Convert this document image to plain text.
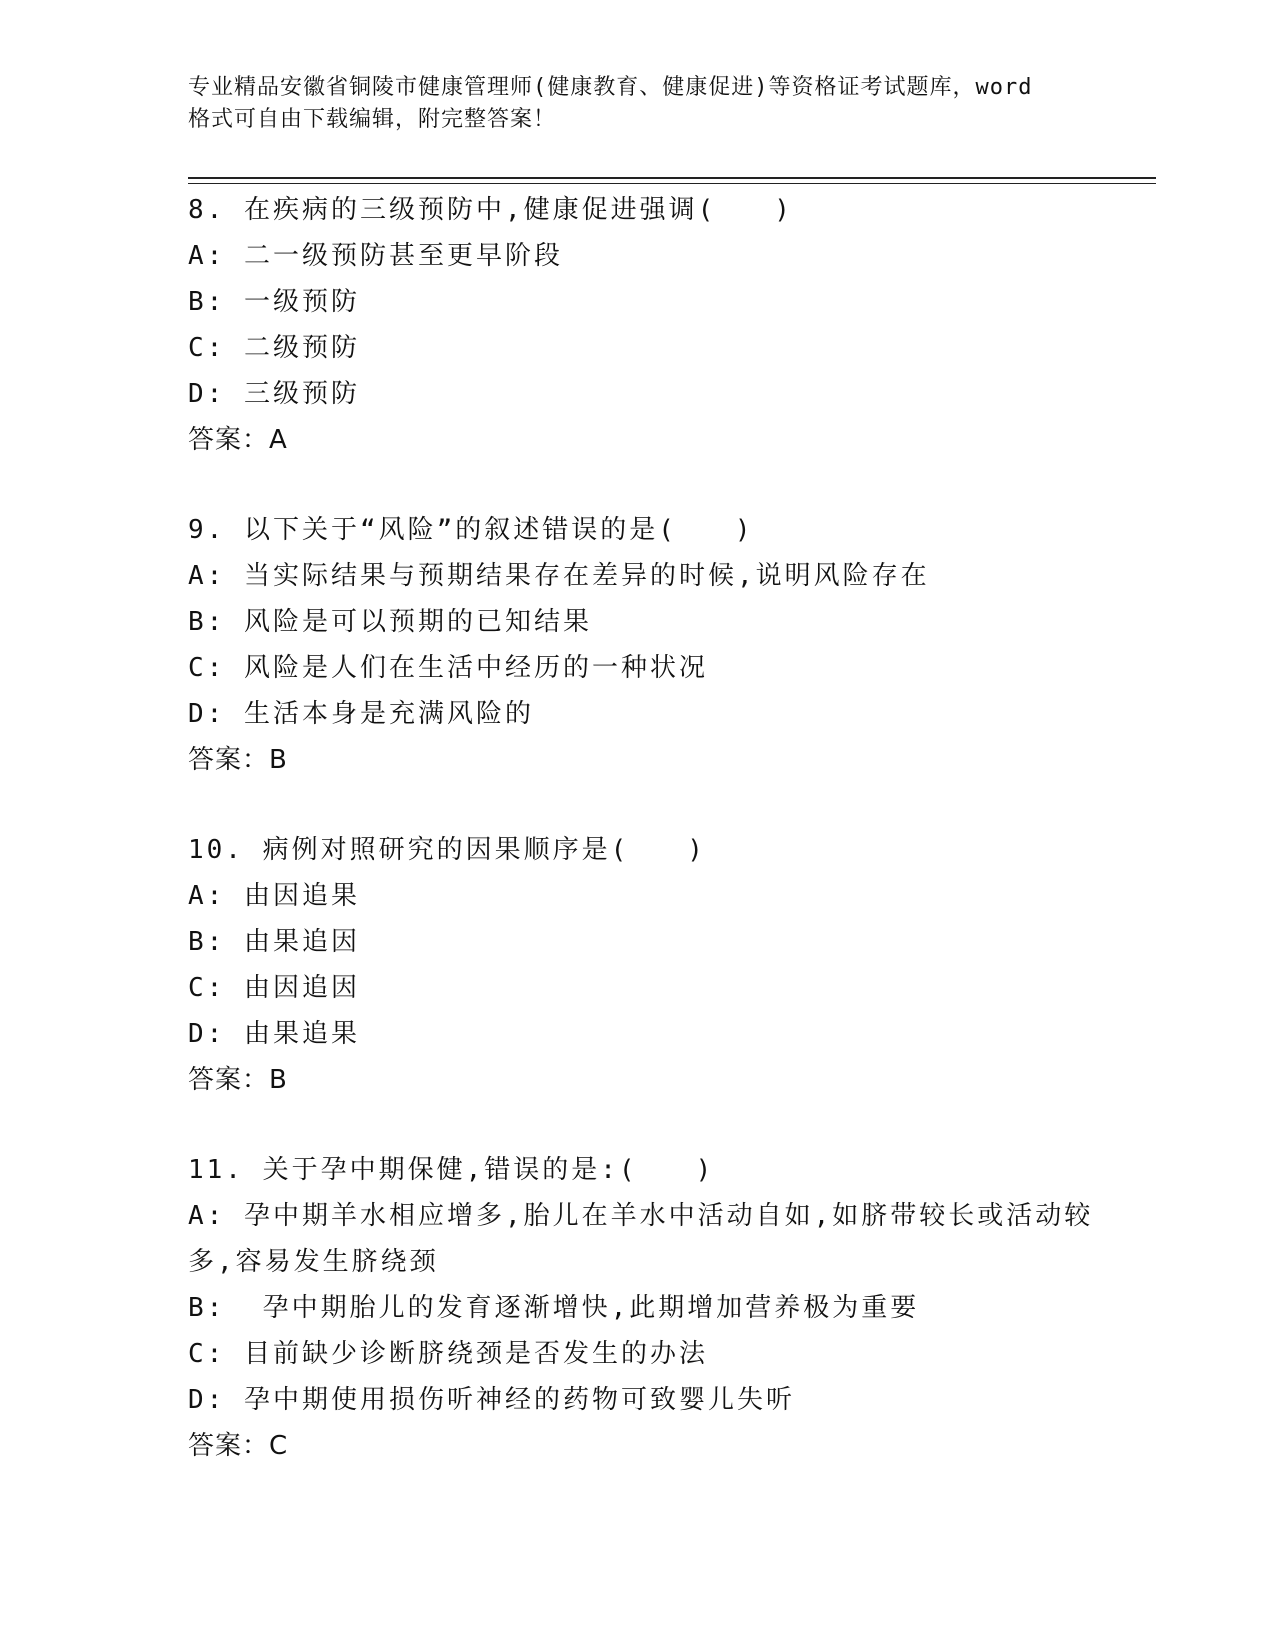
专业精品安徽省铜陵市健康管理师(健康教育、健康促进)等资格证考试题库，word
格式可自由下载编辑，附完整答案！
8. 在疾病的三级预防中,健康促进强调(　　)
A: 二一级预防甚至更早阶段
B: 一级预防
C: 二级预防
D: 三级预防
答案：A
9. 以下关于“风险”的叙述错误的是(　　)
A: 当实际结果与预期结果存在差异的时候,说明风险存在
B: 风险是可以预期的已知结果
C: 风险是人们在生活中经历的一种状况
D: 生活本身是充满风险的
答案：B
10. 病例对照研究的因果顺序是(　　)
A: 由因追果
B: 由果追因
C: 由因追因
D: 由果追果
答案：B
11. 关于孕中期保健,错误的是:(　　)
A: 孕中期羊水相应增多,胎儿在羊水中活动自如,如脐带较长或活动较
多,容易发生脐绕颈
B:  孕中期胎儿的发育逐渐增快,此期增加营养极为重要
C: 目前缺少诊断脐绕颈是否发生的办法
D: 孕中期使用损伤听神经的药物可致婴儿失听
答案：C
